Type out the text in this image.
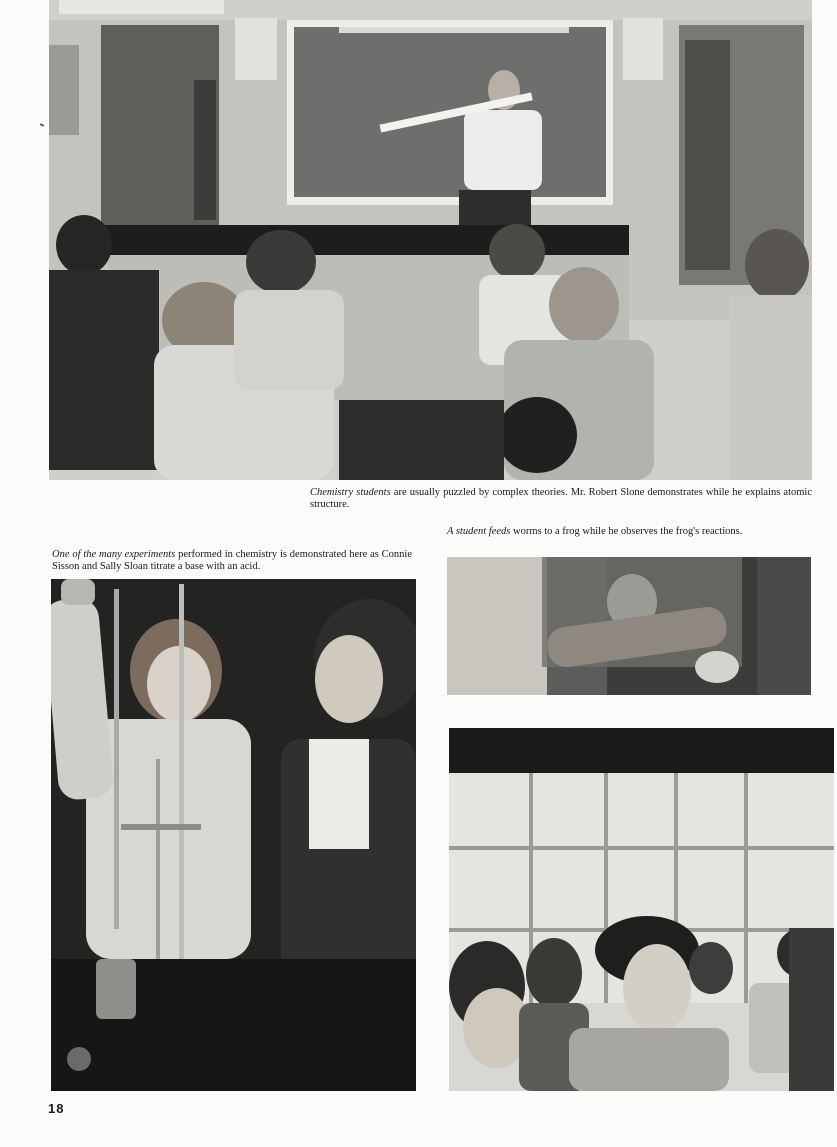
Chemistry students are usually puzzled by complex theories. Mr. Robert Slone demonstrates while he explains atomic structure.

A student feeds worms to a frog while he observes the frog's reactions.

One of the many experiments performed in chemistry is demonstrated here as Connie Sisson and Sally Sloan titrate a base with an acid.

18
